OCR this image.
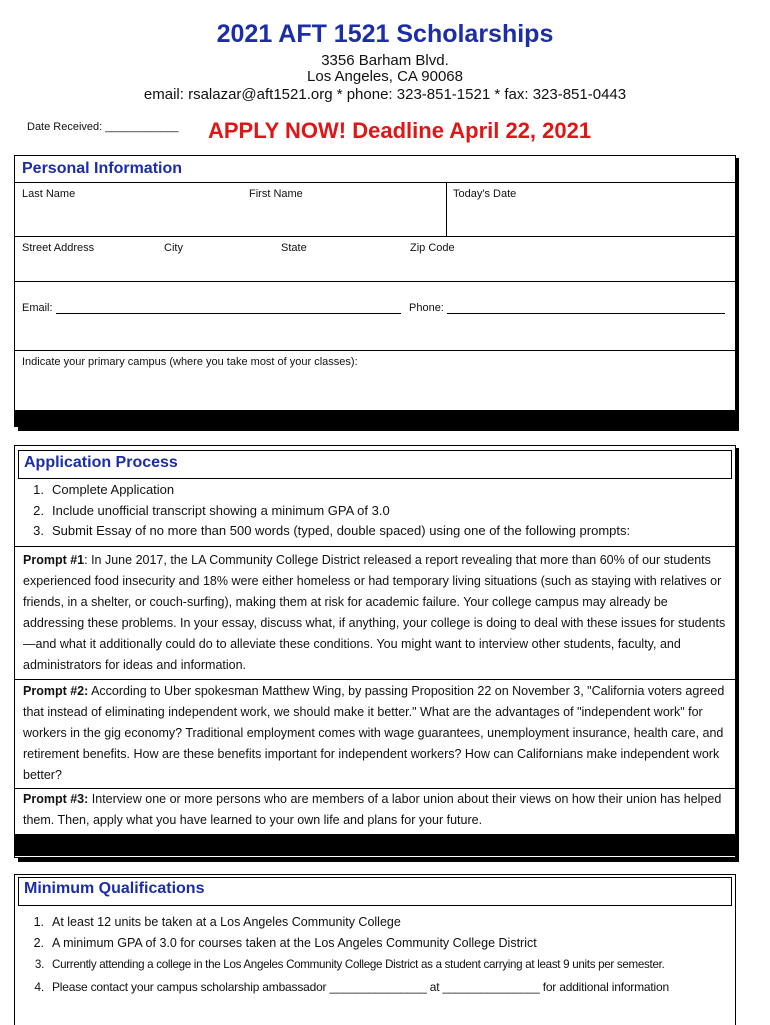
2021 AFT 1521 Scholarships
3356 Barham Blvd.
Los Angeles, CA 90068
email: rsalazar@aft1521.org * phone: 323-851-1521 * fax: 323-851-0443
Date Received: ____________ APPLY NOW! Deadline April 22, 2021
Personal Information
Last Name	First Name	Today's Date
Street Address	City	State	Zip Code
Email:	Phone:
Indicate your primary campus (where you take most of your classes):
Application Process
1. Complete Application
2. Include unofficial transcript showing a minimum GPA of 3.0
3. Submit Essay of no more than 500 words (typed, double spaced) using one of the following prompts:
Prompt #1: In June 2017, the LA Community College District released a report revealing that more than 60% of our students experienced food insecurity and 18% were either homeless or had temporary living situations (such as staying with relatives or friends, in a shelter, or couch-surfing), making them at risk for academic failure. Your college campus may already be addressing these problems. In your essay, discuss what, if anything, your college is doing to deal with these issues for students—and what it additionally could do to alleviate these conditions. You might want to interview other students, faculty, and administrators for ideas and information.
Prompt #2: According to Uber spokesman Matthew Wing, by passing Proposition 22 on November 3, "California voters agreed that instead of eliminating independent work, we should make it better." What are the advantages of "independent work" for workers in the gig economy? Traditional employment comes with wage guarantees, unemployment insurance, health care, and retirement benefits. How are these benefits important for independent workers? How can Californians make independent work better?
Prompt #3: Interview one or more persons who are members of a labor union about their views on how their union has helped them. Then, apply what you have learned to your own life and plans for your future.
Minimum Qualifications
1. At least 12 units be taken at a Los Angeles Community College
2. A minimum GPA of 3.0 for courses taken at the Los Angeles Community College District
3. Currently attending a college in the Los Angeles Community College District as a student carrying at least 9 units per semester.
4. Please contact your campus scholarship ambassador _______________ at _______________ for additional information
